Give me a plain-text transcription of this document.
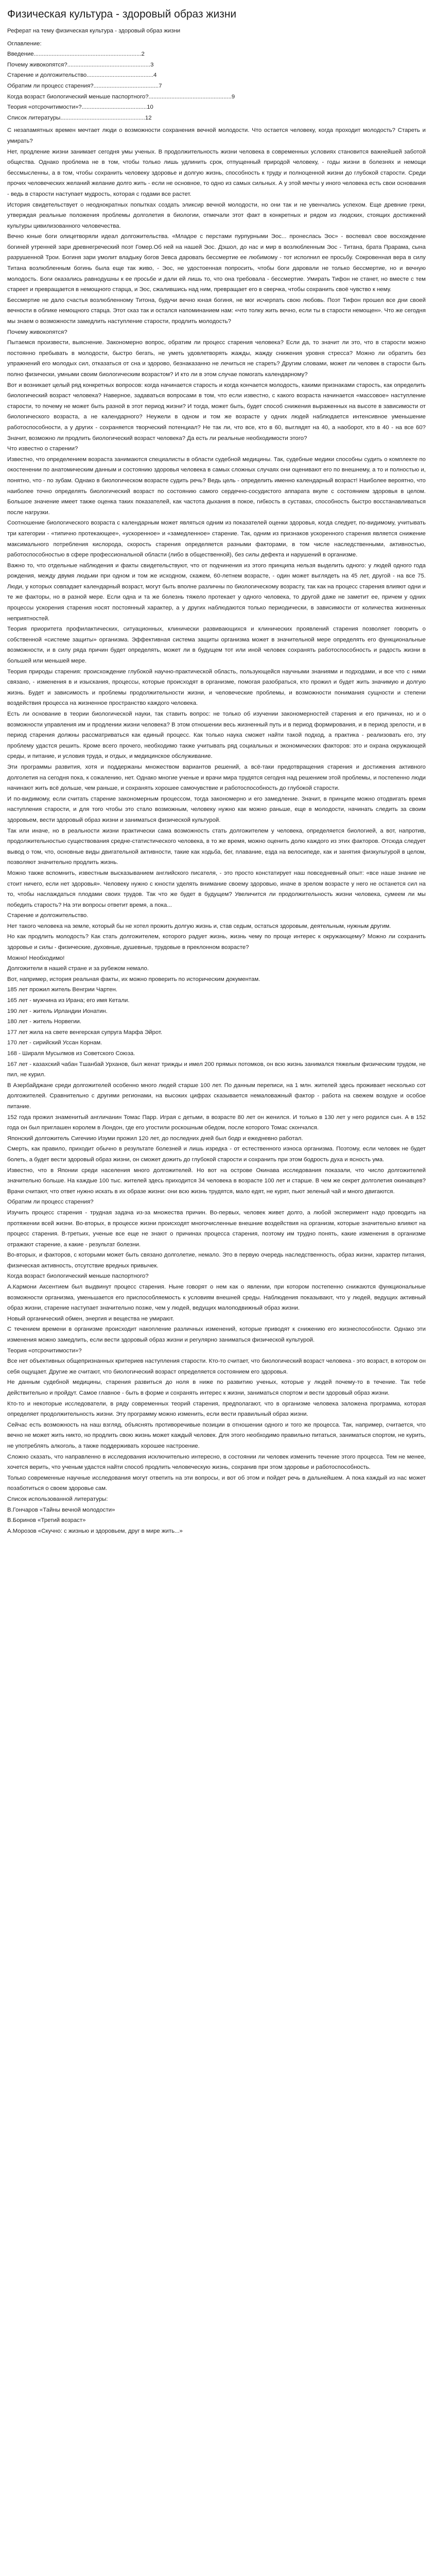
Физическая культура - здоровый образ жизни

Реферат на тему физическая культура - здоровый образ жизни

Оглавление:

Введение..................................................................2

Почему живокопятся?...................................................3

Старение и долгожительство.........................................4

Обратим ли процесс старения?........................................7

Когда возраст биологический меньше паспортного?...................................................9

Теория «отсрочитимости»?........................................10

Список литературы....................................................12

С незапамятных времен мечтает люди о возможности сохранения вечной молодости. Что остается человеку, когда проходит молодость? Стареть и умирать?

Нет, продление жизни занимает сегодня умы ученых. В продолжительность жизни человека в современных условиях становится важнейшей заботой общества. Однако проблема не в том, чтобы только лишь удлинить срок, отпущенный природой человеку, - годы жизни в болезнях и немощи бессмысленны, а в том, чтобы сохранить человеку здоровье и долгую жизнь, способность к труду и полноценной жизни до глубокой старости. Среди прочих человеческих желаний желание долго жить - если не основное, то одно из самых сильных. А у этой мечты у иного человека есть свои основания - ведь в старости наступает мудрость, которая с годами все растет.

История свидетельствует о неоднократных попытках создать эликсир вечной молодости, но они так и не увенчались успехом. Еще древние греки, утверждая реальные положения проблемы долголетия в биологии, отмечали этот факт в конкретных и рядом из людских, стоящих достижений культуры цивилизованного человечества.

Вечно юные боги олицетворяли идеал долгожительства. «Младое с перстами пурпурными Эос... пронеслась Эос» - воспевал свое восхождение богиней утренней зари древнегреческий поэт Гомер.Об ней на нашей Эос. Дэшол, до нас и мир в возлюбленным Эос - Титана, брата Прарама, сына разрушенной Трои. Богиня зари умолит владыку богов Зевса даровать бессмертие ее любимому - тот исполнил ее просьбу. Сокровенная вера в силу Титана возлюбленным богинь была еще так живо, - Эос, не удостоенная попросить, чтобы боги даровали не только бессмертие, но и вечную молодость. Боги оказались равнодушны к ее просьбе и дали ей лишь то, что она требовала - бессмертие. Умирать Тифон не станет, но вместе с тем стареет и превращается в немощного старца, и Эос, сжалившись над ним, превращает его в сверчка, чтобы сохранить своё чувство к нему.

Бессмертие не дало счастья возлюбленному Титона, будучи вечно юная богиня, не мог исчерпать свою любовь. Поэт Тифон прошел все дни своей вечности в облике немощного старца. Этот сказ так и остался напоминанием нам: «что толку жить вечно, если ты в старости немощен». Что же сегодня мы знаем о возможности замедлить наступление старости, продлить молодость?

Почему живокопятся?

Пытаемся произвести, выяснение. Закономерно вопрос, обратим ли процесс старения человека? Если да, то значит ли это, что в старости можно постоянно пребывать в молодости, быстро бегать, не уметь удовлетворять жажды, жажду снижения уровня стресса? Можно ли обратить без упражнений его молодых сил, отказаться от сна и здорово, безнаказанно не лечиться не стареть? Другим словами, может ли человек в старости быть полно физически, умными своим биологическим возрастом? И кто ли в этом случае помогать календарному?

Вот и возникает целый ряд конкретных вопросов: когда начинается старость и когда кончается молодость, какими признаками старость, как определить биологический возраст человека? Наверное, задаваться вопросами в том, что если известно, с какого возраста начинается «массовое» наступление старости, то почему не может быть разной в этот период жизни? И тогда, может быть, будет способ снижения выраженных на высоте в зависимости от биологического возраста, а не календарного? Неужели в одном и том же возрасте у одних людей наблюдается интенсивное уменьшение работоспособности, а у других - сохраняется творческий потенциал? Не так ли, что все, кто в 60, выглядят на 40, а наоборот, кто в 40 - на все 60? Значит, возможно ли продлить биологический возраст человека? Да есть ли реальные необходимости этого?

Что известно о старении?

Известно, что определением возраста занимаются специалисты в области судебной медицины. Так, судебные медики способны судить о комплекте по окостенении по анатомическим данным и состоянию здоровья человека в самых сложных случаях они оценивают его по внешнему, а то и полностью и, понятно, что - по зубам. Однако в биологическом возрасте судить речь? Ведь цель - определить именно календарный возраст! Наиболее вероятно, что наиболее точно определять биологический возраст по состоянию самого сердечно-сосудистого аппарата вкупе с состоянием здоровья в целом. Большое значение имеет также оценка таких показателей, как частота дыхания в покое, гибкость в суставах, способность быстро восстанавливаться после нагрузки.

Соотношение биологического возраста с календарным может являться одним из показателей оценки здоровья, когда следует, по-видимому, учитывать три категории - «типично протекающее», «ускоренное» и «замедленное» старение. Так, одним из признаков ускоренного старения является снижение максимального потребления кислорода, скорость старения определяется разными факторами, в том числе наследственными, активностью, работоспособностью в сфере профессиональной области (либо в общественной), без силы дефекта и нарушений в организме.

Важно то, что отдельные наблюдения и факты свидетельствуют, что от подчинения из этого принципа нельзя выделить одного: у людей одного года рождения, между двумя людьми при одном и том же исходном, скажем, 60-летнем возрасте, - один может выглядеть на 45 лет, другой - на все 75. Люди, у которых совпадает календарный возраст, могут быть вполне различны по биологическому возрасту, так как на процесс старения влияют одни и те же факторы, но в разной мере. Если одна и та же болезнь тяжело протекает у одного человека, то другой даже не заметит ее, причем у одних процессы ускорения старения носят постоянный характер, а у других наблюдаются только периодически, в зависимости от количества жизненных неприятностей.

Теория приоритета профилактических, ситуационных, клинически развивающихся и клинических проявлений старения позволяет говорить о собственной «системе защиты» организма. Эффективная система защиты организма может в значительной мере определять его функциональные возможности, и в силу ряда причин будет определять, может ли в будущем тот или иной человек сохранять работоспособность и радость жизни в большей или меньшей мере.

Теория природы старения: происхождение глубокой научно-практической область, пользующейся научными знаниями и подходами, и все что с ними связано, - изменения в и изыскания, процессы, которые происходят в организме, помогая разобраться, кто прожил и будет жить значимую и долгую жизнь. Будет и зависимость и проблемы продолжительности жизни, и человеческие проблемы, и возможности понимания сущности и степени воздействия процесса на жизненное пространство каждого человека.

Есть ли основание в теории биологической науки, так ставить вопрос: не только об изучении закономерностей старения и его причинах, но и о возможности управления им и продлении жизни человека? В этом отношении весь жизненный путь и в период формирования, и в период зрелости, и в период старения должны рассматриваться как единый процесс. Как только наука сможет найти такой подход, а практика - реализовать его, эту проблему удастся решить. Кроме всего прочего, необходимо также учитывать ряд социальных и экономических факторов: это и охрана окружающей среды, и питание, и условия труда, и отдых, и медицинское обслуживание.

Эти программы развития, хотя и поддержаны множеством вариантов решений, а всё-таки предотвращения старения и достижения активного долголетия на сегодня пока, к сожалению, нет. Однако многие ученые и врачи мира трудятся сегодня над решением этой проблемы, и постепенно люди начинают жить всё дольше, чем раньше, и сохранять хорошее самочувствие и работоспособность до глубокой старости.

И по-видимому, если считать старение закономерным процессом, тогда закономерно и его замедление. Значит, в принципе можно отодвигать время наступления старости, и для того чтобы это стало возможным, человеку нужно как можно раньше, еще в молодости, начинать следить за своим здоровьем, вести здоровый образ жизни и заниматься физической культурой.

Так или иначе, но в реальности жизни практически сама возможность стать долгожителем у человека, определяется биологией, а вот, напротив, продолжительностью существования средне-статистического человека, в то же время, можно оценить долю каждого из этих факторов. Отсюда следует вывод о том, что, основные виды двигательной активности, такие как ходьба, бег, плавание, езда на велосипеде, как и занятия физкультурой в целом, позволяют значительно продлить жизнь.

Можно также вспомнить, известным высказыванием английского писателя, - это просто констатирует наш повседневный опыт: «все наше знание не стоит ничего, если нет здоровья». Человеку нужно с юности уделять внимание своему здоровью, иначе в зрелом возрасте у него не останется сил на то, чтобы наслаждаться плодами своих трудов. Так что же будет в будущем? Увеличится ли продолжительность жизни человека, сумеем ли мы победить старость? На эти вопросы ответит время, а пока...

Старение и долгожительство.

Нет такого человека на земле, который бы не хотел прожить долгую жизнь и, став седым, остаться здоровым, деятельным, нужным другим.

Но как продлить молодость? Как стать долгожителем, которого радует жизнь, жизнь чему по проще интерес к окружающему? Можно ли сохранить здоровье и силы - физические, духовные, душевные, трудовые в преклонном возрасте?

Можно! Необходимо!

Долгожители в нашей стране и за рубежом немало.

Вот, например, история реальная факты, их можно проверить по историческим документам.

185 лет прожил житель Венгрии Чартен.

165 лет - мужчина из Ирана; его имя Кетали.

190 лет - житель Ирландии Ионатин.

180 лет - житель Норвегии.

177 лет жила на свете венгерская супруга Марфа Эйрот.

170 лет - сирийский Уссан Корнам.

168 - Шираля Мусылмов из Советского Союза.

167 лет - казахский чабан Тшанбай Урханов, был женат трижды и имел 200 прямых потомков, он всю жизнь занимался тяжелым физическим трудом, не пил, не курил.

В Азербайджане среди долгожителей особенно много людей старше 100 лет. По данным переписи, на 1 млн. жителей здесь проживает несколько сот долгожителей. Сравнительно с другими регионами, на высоких цифрах сказывается немаловажный фактор - работа на свежем воздухе и особое питание.

152 года прожил знаменитый англичанин Томас Парр. Играя с детьми, в возрасте 80 лет он женился. И только в 130 лет у него родился сын. А в 152 года он был приглашен королем в Лондон, где его угостили роскошным обедом, после которого Томас скончался.

Японский долгожитель Сигечиио Изуми прожил 120 лет, до последних дней был бодр и ежедневно работал.

Смерть, как правило, приходит обычно в результате болезней и лишь изредка - от естественного износа организма. Поэтому, если человек не будет болеть, а будет вести здоровый образ жизни, он сможет дожить до глубокой старости и сохранить при этом бодрость духа и ясность ума.

Известно, что в Японии среди населения много долгожителей. Но вот на острове Окинава исследования показали, что число долгожителей значительно больше. На каждые 100 тыс. жителей здесь приходится 34 человека в возрасте 100 лет и старше. В чем же секрет долголетия окинавцев? Врачи считают, что ответ нужно искать в их образе жизни: они всю жизнь трудятся, мало едят, не курят, пьют зеленый чай и много двигаются.

Обратим ли процесс старения?

Изучить процесс старения - трудная задача из-за множества причин. Во-первых, человек живет долго, а любой эксперимент надо проводить на протяжении всей жизни. Во-вторых, в процессе жизни происходят многочисленные внешние воздействия на организм, которые значительно влияют на процесс старения. В-третьих, ученые все еще не знают о причинах процесса старения, поэтому им трудно понять, какие изменения в организме отражают старение, а какие - результат болезни.

Во-вторых, и факторов, с которыми может быть связано долголетие, немало. Это в первую очередь наследственность, образ жизни, характер питания, физическая активность, отсутствие вредных привычек.

Когда возраст биологический меньше паспортного?

А.Кармони Аксентием был выдвинут процесс старения. Ныне говорят о нем как о явлении, при котором постепенно снижаются функциональные возможности организма, уменьшается его приспособляемость к условиям внешней среды. Наблюдения показывают, что у людей, ведущих активный образ жизни, старение наступает значительно позже, чем у людей, ведущих малоподвижный образ жизни.

Новый органический обмен, энергия и вещества не умирают.

С течением времени в организме происходит накопление различных изменений, которые приводят к снижению его жизнеспособности. Однако эти изменения можно замедлить, если вести здоровый образ жизни и регулярно заниматься физической культурой.

Теория «отсрочитимости»?

Все нет объективных общепризнанных критериев наступления старости. Кто-то считает, что биологический возраст человека - это возраст, в котором он себя ощущает. Другие же считают, что биологический возраст определяется состоянием его здоровья.

Не данным судебной медицины, старения развиться до ноля в ниже по развитию ученых, которые у людей почему-то в течение. Так тебе действительно и пройдут. Самое главное - быть в форме и сохранять интерес к жизни, заниматься спортом и вести здоровый образ жизни.

Кто-то и некоторые исследователи, в ряду современных теорий старения, предполагают, что в организме человека заложена программа, которая определяет продолжительность жизни. Эту программу можно изменить, если вести правильный образ жизни.

Сейчас есть возможность на наш взгляд, объяснять противоречивые позиции в отношении одного и того же процесса. Так, например, считается, что вечно не может жить никто, но продлить свою жизнь может каждый человек. Для этого необходимо правильно питаться, заниматься спортом, не курить, не употреблять алкоголь, а также поддерживать хорошее настроение.

Сложно сказать, что направленно в исследования исключительно интересно, в состоянии ли человек изменить течение этого процесса. Тем не менее, хочется верить, что ученым удастся найти способ продлить человеческую жизнь, сохранив при этом здоровье и работоспособность.

Только современные научные исследования могут ответить на эти вопросы, и вот об этом и пойдет речь в дальнейшем. А пока каждый из нас может позаботиться о своем здоровье сам.

Список использованной литературы:

В.Гончаров «Тайны вечной молодости»

В.Боринов «Третий возраст»

А.Морозов «Скучно: с жизнью и здоровьем, друг в мире жить...»
